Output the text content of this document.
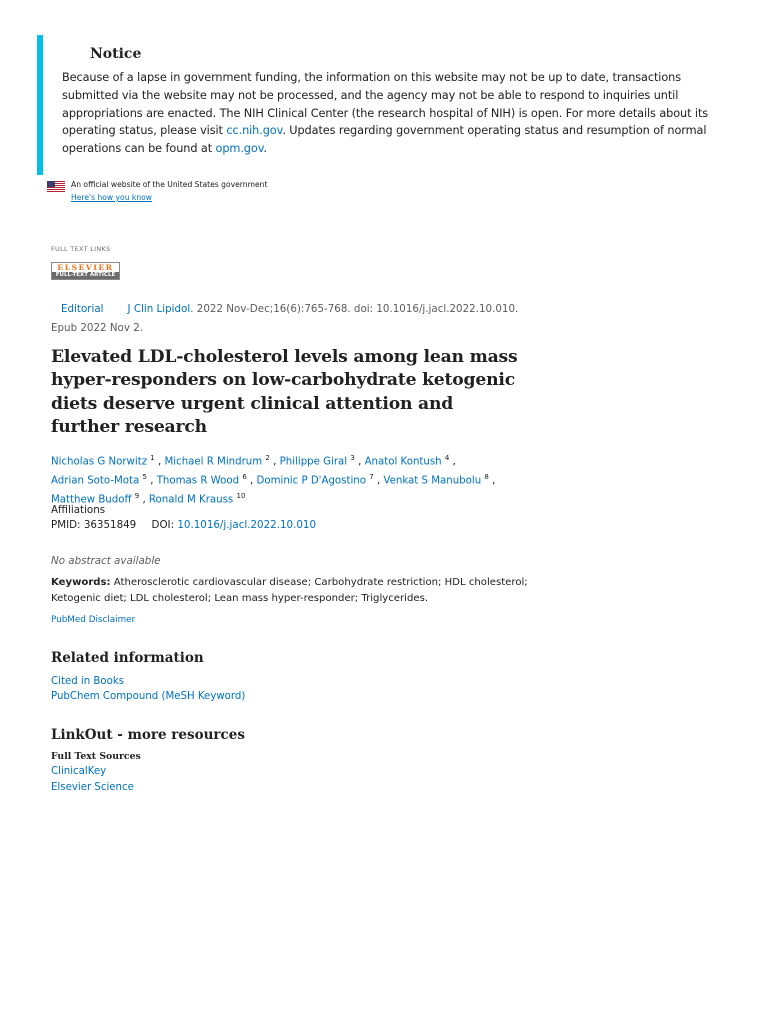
Notice
Because of a lapse in government funding, the information on this website may not be up to date, transactions submitted via the website may not be processed, and the agency may not be able to respond to inquiries until appropriations are enacted. The NIH Clinical Center (the research hospital of NIH) is open. For more details about its operating status, please visit cc.nih.gov. Updates regarding government operating status and resumption of normal operations can be found at opm.gov.
An official website of the United States government
Here's how you know
FULL TEXT LINKS
ELSEVIER
FULL-TEXT ARTICLE
Editorial J Clin Lipidol. 2022 Nov-Dec;16(6):765-768. doi: 10.1016/j.jacl.2022.10.010. Epub 2022 Nov 2.
Elevated LDL-cholesterol levels among lean mass hyper-responders on low-carbohydrate ketogenic diets deserve urgent clinical attention and further research
Nicholas G Norwitz $^1$ , Michael R Mindrum $^2$ , Philippe Giral $^3$ , Anatol Kontush $^4$ ,
Adrian Soto-Mota $^5$ , Thomas R Wood $^6$ , Dominic P D'Agostino $^7$ , Venkat S Manubolu $^8$ ,
Matthew Budoff $^9$ , Ronald M Krauss $^{10}$
Affiliations
PMID: 36351849 DOI: 10.1016/j.jacl.2022.10.010
No abstract available
Keywords: Atherosclerotic cardiovascular disease; Carbohydrate restriction; HDL cholesterol; Ketogenic diet; LDL cholesterol; Lean mass hyper-responder; Triglycerides.
PubMed Disclaimer
Related information
Cited in Books
PubChem Compound (MeSH Keyword)
LinkOut - more resources
Full Text Sources
ClinicalKey
Elsevier Science
